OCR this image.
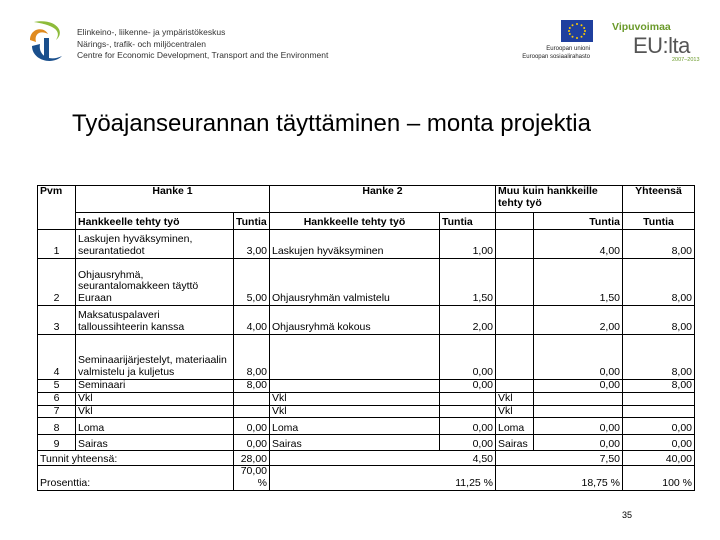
Elinkeino-, liikenne- ja ympäristökeskus
Närings-, trafik- och miljöcentralen
Centre for Economic Development, Transport and the Environment
Euroopan unioni
Euroopan sosiaalirahasto
Vipuvoimaa
EU:lta
2007–2013
Työajanseurannan täyttäminen – monta projektia
Pvm	Hanke 1		Hanke 2		Muu kuin hankkeille tehty työ		Yhteensä
	Hankkeelle tehty työ	Tuntia	Hankkeelle tehty työ	Tuntia		Tuntia	Tuntia
1	Laskujen hyväksyminen, seurantatiedot	3,00	Laskujen hyväksyminen	1,00		4,00	8,00
2	Ohjausryhmä, seurantalomakkeen täyttö Euraan	5,00	Ohjausryhmän valmistelu	1,50		1,50	8,00
3	Maksatuspalaveri talloussihteerin kanssa	4,00	Ohjausryhmä kokous	2,00		2,00	8,00
4	Seminaarijärjestelyt, materiaalin valmistelu ja kuljetus	8,00		0,00		0,00	8,00
5	Seminaari	8,00		0,00		0,00	8,00
6	Vkl		Vkl		Vkl		
7	Vkl		Vkl		Vkl		
8	Loma	0,00	Loma	0,00	Loma	0,00	0,00
9	Sairas	0,00	Sairas	0,00	Sairas	0,00	0,00
Tunnit yhteensä:		28,00	4,50		7,50		40,00
Prosenttia:		70,00 %	11,25 %		18,75 %		100 %
35
